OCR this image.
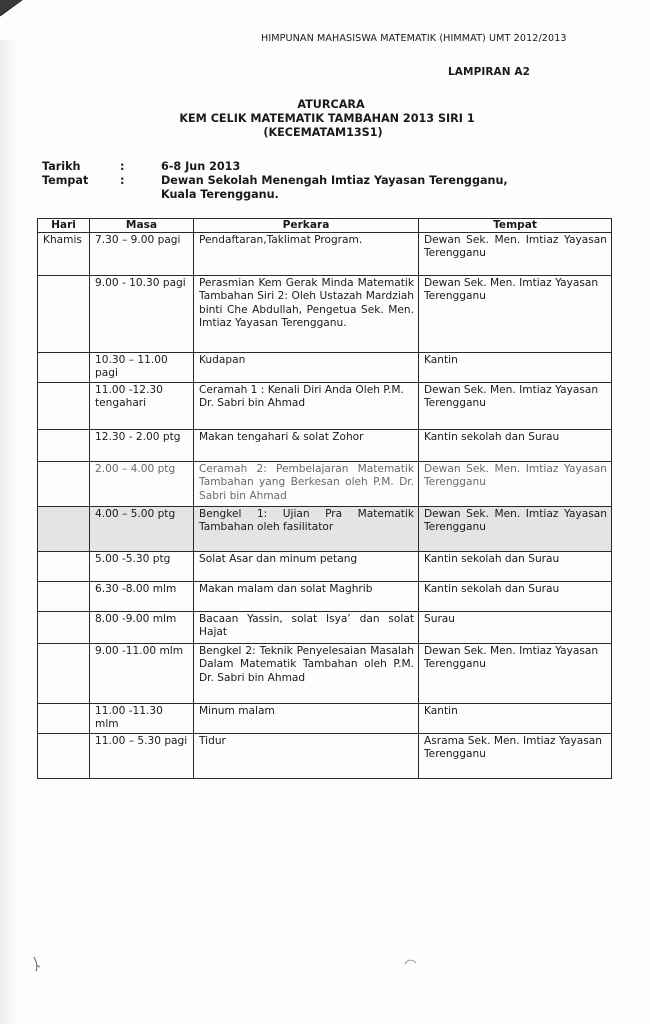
HIMPUNAN MAHASISWA MATEMATIK (HIMMAT) UMT 2012/2013
LAMPIRAN A2
ATURCARA
KEM CELIK MATEMATIK TAMBAHAN 2013 SIRI 1
(KECEMATAM13S1)
Tarikh	:	6-8 Jun 2013
Tempat	:	Dewan Sekolah Menengah Imtiaz Yayasan Terengganu,
Kuala Terengganu.
Hari	Masa	Perkara	Tempat
Khamis	7.30 – 9.00 pagi	Pendaftaran,Taklimat Program.	Dewan Sek. Men. Imtiaz Yayasan Terengganu
	9.00 - 10.30 pagi	Perasmian Kem Gerak Minda Matematik Tambahan Siri 2: Oleh Ustazah Mardziah binti Che Abdullah, Pengetua Sek. Men. Imtiaz Yayasan Terengganu.	Dewan Sek. Men. Imtiaz Yayasan Terengganu
	10.30 – 11.00 pagi	Kudapan	Kantin
	11.00 -12.30 tengahari	Ceramah 1 : Kenali Diri Anda Oleh P.M. Dr. Sabri bin Ahmad	Dewan Sek. Men. Imtiaz Yayasan Terengganu
	12.30 - 2.00 ptg	Makan tengahari & solat Zohor	Kantin sekolah dan Surau
	2.00 – 4.00 ptg	Ceramah 2: Pembelajaran Matematik Tambahan yang Berkesan oleh P.M. Dr. Sabri bin Ahmad	Dewan Sek. Men. Imtiaz Yayasan Terengganu
	4.00 – 5.00 ptg	Bengkel 1: Ujian Pra Matematik Tambahan oleh fasilitator	Dewan Sek. Men. Imtiaz Yayasan Terengganu
	5.00 -5.30 ptg	Solat Asar dan minum petang	Kantin sekolah dan Surau
	6.30 -8.00 mlm	Makan malam dan solat Maghrib	Kantin sekolah dan Surau
	8.00 -9.00 mlm	Bacaan Yassin, solat Isya’ dan solat Hajat	Surau
	9.00 -11.00 mlm	Bengkel 2: Teknik Penyelesaian Masalah Dalam Matematik Tambahan oleh P.M. Dr. Sabri bin Ahmad	Dewan Sek. Men. Imtiaz Yayasan Terengganu
	11.00 -11.30 mlm	Minum malam	Kantin
	11.00 – 5.30 pagi	Tidur	Asrama Sek. Men. Imtiaz Yayasan Terengganu
